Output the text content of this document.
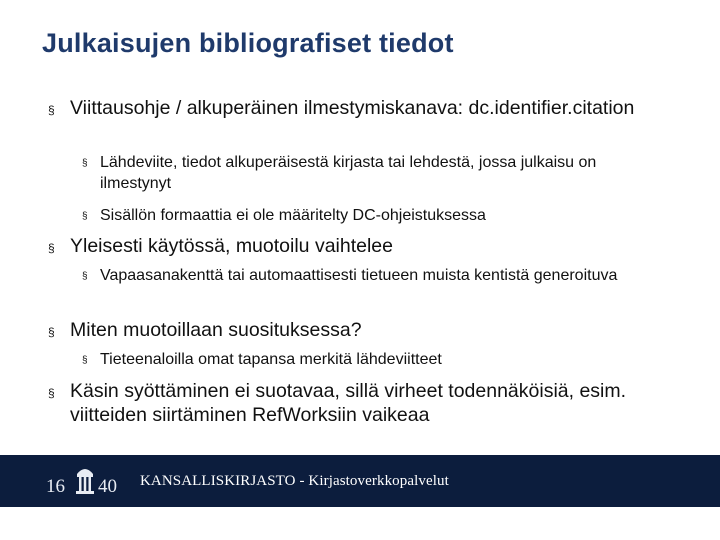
Julkaisujen bibliografiset tiedot
§ Viittausohje / alkuperäinen ilmestymiskanava: dc.identifier.citation
§ Lähdeviite, tiedot alkuperäisestä kirjasta tai lehdestä, jossa julkaisu on ilmestynyt
§ Sisällön formaattia ei ole määritelty DC-ohjeistuksessa
§ Yleisesti käytössä, muotoilu vaihtelee
§ Vapaasanakenttä tai automaattisesti tietueen muista kentistä generoituva
§ Miten muotoillaan suosituksessa?
§ Tieteenaloilla omat tapansa merkitä lähdeviitteet
§ Käsin syöttäminen ei suotavaa, sillä virheet todennäköisiä, esim. viitteiden siirtäminen RefWorksiin vaikeaa
16 40 KANSALLISKIRJASTO - Kirjastoverkkopalvelut
